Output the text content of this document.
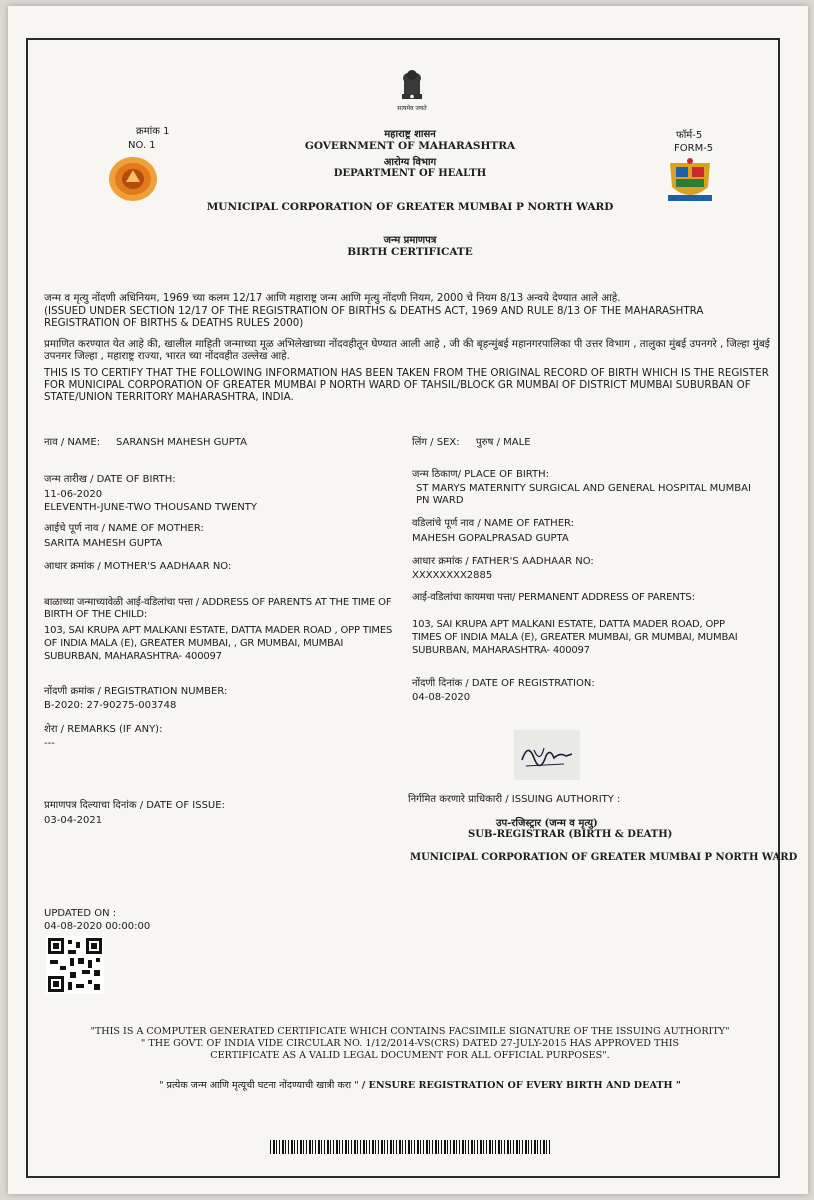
सत्यमेव जयते
क्रमांक 1
NO. 1
महाराष्ट्र शासन
GOVERNMENT OF MAHARASHTRA
आरोग्य विभाग
DEPARTMENT OF HEALTH
फॉर्म-5
FORM-5
MUNICIPAL CORPORATION OF GREATER MUMBAI P NORTH WARD
जन्म प्रमाणपत्र
BIRTH CERTIFICATE
जन्म व मृत्यु नोंदणी अधिनियम, 1969 च्या कलम 12/17 आणि महाराष्ट्र जन्म आणि मृत्यु नोंदणी नियम, 2000 चे नियम 8/13 अन्वये देण्यात आले आहे.
(ISSUED UNDER SECTION 12/17 OF THE REGISTRATION OF BIRTHS & DEATHS ACT, 1969 AND RULE 8/13 OF THE MAHARASHTRA REGISTRATION OF BIRTHS & DEATHS RULES 2000)
प्रमाणित करण्यात येत आहे की, खालील माहिती जन्माच्या मूळ अभिलेखाच्या नोंदवहीतून घेण्यात आली आहे , जी की बृहन्मुंबई महानगरपालिका पी उत्तर विभाग , तालुका मुंबई उपनगरे , जिल्हा मुंबई उपनगर जिल्हा , महाराष्ट्र राज्या, भारत च्या नोंदवहीत उल्लेख आहे.
THIS IS TO CERTIFY THAT THE FOLLOWING INFORMATION HAS BEEN TAKEN FROM THE ORIGINAL RECORD OF BIRTH WHICH IS THE REGISTER FOR MUNICIPAL CORPORATION OF GREATER MUMBAI P NORTH WARD OF TAHSIL/BLOCK GR MUMBAI OF DISTRICT MUMBAI SUBURBAN OF STATE/UNION TERRITORY MAHARASHTRA, INDIA.
नाव / NAME: SARANSH MAHESH GUPTA	लिंग / SEX: पुरुष / MALE
जन्म तारीख / DATE OF BIRTH:
11-06-2020
ELEVENTH-JUNE-TWO THOUSAND TWENTY
जन्म ठिकाण/ PLACE OF BIRTH:
ST MARYS MATERNITY SURGICAL AND GENERAL HOSPITAL MUMBAI PN WARD
आईचे पूर्ण नाव / NAME OF MOTHER:
SARITA MAHESH GUPTA
वडिलांचे पूर्ण नाव / NAME OF FATHER:
MAHESH GOPALPRASAD GUPTA
आधार क्रमांक / MOTHER'S AADHAAR NO:	आधार क्रमांक / FATHER'S AADHAAR NO:
XXXXXXXX2885
बाळाच्या जन्माच्यावेळी आई-वडिलांचा पत्ता / ADDRESS OF PARENTS AT THE TIME OF BIRTH OF THE CHILD:
103, SAI KRUPA APT MALKANI ESTATE, DATTA MADER ROAD , OPP TIMES OF INDIA MALA (E), GREATER MUMBAI, , GR MUMBAI, MUMBAI SUBURBAN, MAHARASHTRA- 400097
आई-वडिलांचा कायमचा पत्ता/ PERMANENT ADDRESS OF PARENTS:
103, SAI KRUPA APT MALKANI ESTATE, DATTA MADER ROAD, OPP TIMES OF INDIA MALA (E), GREATER MUMBAI, GR MUMBAI, MUMBAI SUBURBAN, MAHARASHTRA- 400097
नोंदणी क्रमांक / REGISTRATION NUMBER:
B-2020: 27-90275-003748
नोंदणी दिनांक / DATE OF REGISTRATION:
04-08-2020
शेरा / REMARKS (IF ANY):
---
प्रमाणपत्र दिल्याचा दिनांक / DATE OF ISSUE:
03-04-2021
निर्गमित करणारे प्राधिकारी / ISSUING AUTHORITY :
उप-रजिस्ट्रार (जन्म व मृत्यु)
SUB-REGISTRAR (BIRTH & DEATH)
MUNICIPAL CORPORATION OF GREATER MUMBAI P NORTH WARD
UPDATED ON :
04-08-2020 00:00:00
"THIS IS A COMPUTER GENERATED CERTIFICATE WHICH CONTAINS FACSIMILE SIGNATURE OF THE ISSUING AUTHORITY"
" THE GOVT. OF INDIA VIDE CIRCULAR NO. 1/12/2014-VS(CRS) DATED 27-JULY-2015 HAS APPROVED THIS CERTIFICATE AS A VALID LEGAL DOCUMENT FOR ALL OFFICIAL PURPOSES".
" प्रत्येक जन्म आणि मृत्यूची घटना नोंदण्याची खात्री करा " / ENSURE REGISTRATION OF EVERY BIRTH AND DEATH "
